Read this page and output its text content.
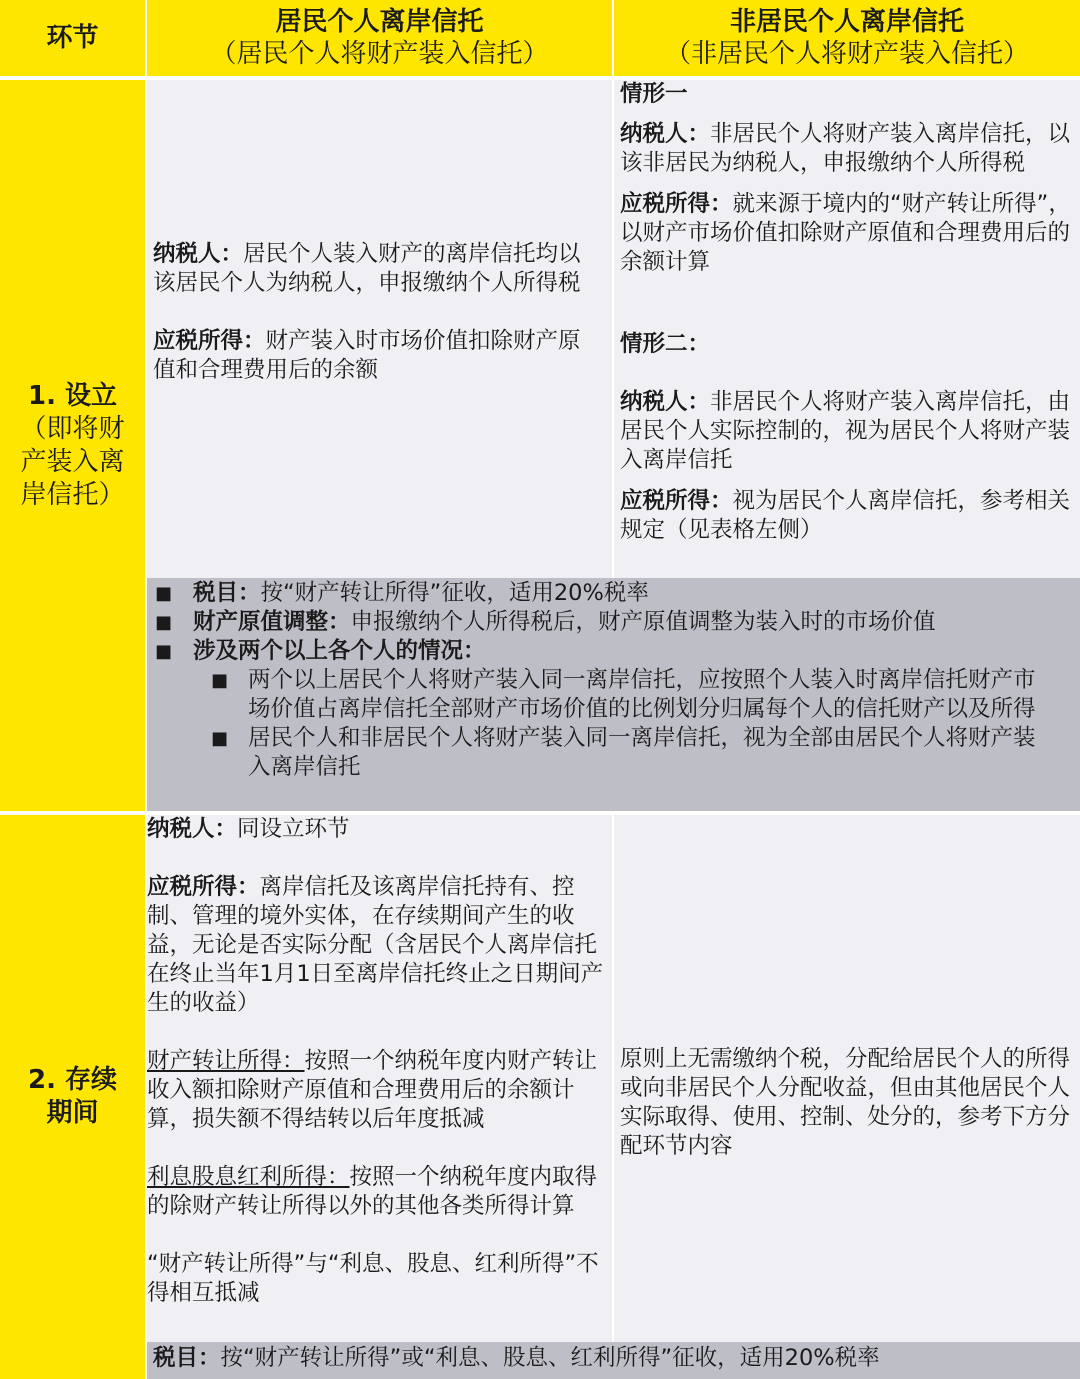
环节
居民个人离岸信托
（居民个人将财产装入信托）
非居民个人离岸信托
（非居民个人将财产装入信托）
1. 设立
（即将财
产装入离
岸信托）

纳税人：居民个人装入财产的离岸信托均以该居民个人为纳税人，申报缴纳个人所得税

应税所得：财产装入时市场价值扣除财产原值和合理费用后的余额

情形一

纳税人：非居民个人将财产装入离岸信托，以该非居民为纳税人，申报缴纳个人所得税

应税所得：就来源于境内的“财产转让所得”，以财产市场价值扣除财产原值和合理费用后的余额计算

情形二：

纳税人：非居民个人将财产装入离岸信托，由居民个人实际控制的，视为居民个人将财产装入离岸信托

应税所得：视为居民个人离岸信托，参考相关规定（见表格左侧）

■ 税目：按“财产转让所得”征收，适用20%税率
■ 财产原值调整：申报缴纳个人所得税后，财产原值调整为装入时的市场价值
■ 涉及两个以上各个人的情况：
■ 两个以上居民个人将财产装入同一离岸信托，应按照个人装入时离岸信托财产市场价值占离岸信托全部财产市场价值的比例划分归属每个人的信托财产以及所得
■ 居民个人和非居民个人将财产装入同一离岸信托，视为全部由居民个人将财产装入离岸信托
2. 存续
期间

纳税人：同设立环节

应税所得：离岸信托及该离岸信托持有、控制、管理的境外实体，在存续期间产生的收益，无论是否实际分配（含居民个人离岸信托在终止当年1月1日至离岸信托终止之日期间产生的收益）

财产转让所得：按照一个纳税年度内财产转让收入额扣除财产原值和合理费用后的余额计算，损失额不得结转以后年度抵减

利息股息红利所得：按照一个纳税年度内取得的除财产转让所得以外的其他各类所得计算

“财产转让所得”与“利息、股息、红利所得”不得相互抵减

原则上无需缴纳个税，分配给居民个人的所得或向非居民个人分配收益，但由其他居民个人实际取得、使用、控制、处分的，参考下方分配环节内容

税目：按“财产转让所得”或“利息、股息、红利所得”征收，适用20%税率
